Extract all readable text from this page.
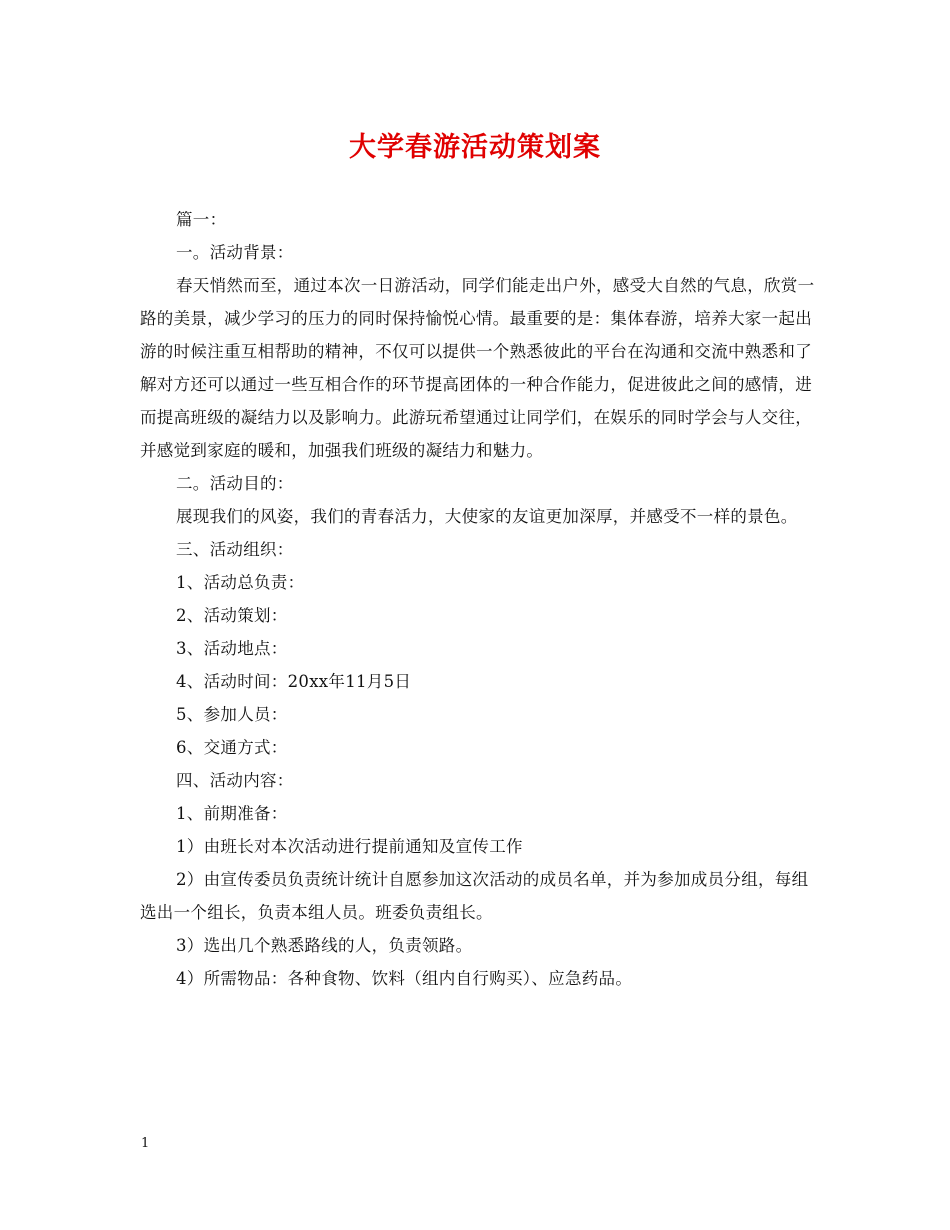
大学春游活动策划案

篇一：

一。活动背景：

春天悄然而至，通过本次一日游活动，同学们能走出户外，感受大自然的气息，欣赏一路的美景，减少学习的压力的同时保持愉悦心情。最重要的是：集体春游，培养大家一起出游的时候注重互相帮助的精神，不仅可以提供一个熟悉彼此的平台在沟通和交流中熟悉和了解对方还可以通过一些互相合作的环节提高团体的一种合作能力，促进彼此之间的感情，进而提高班级的凝结力以及影响力。此游玩希望通过让同学们，在娱乐的同时学会与人交往，并感觉到家庭的暖和，加强我们班级的凝结力和魅力。

二。活动目的：

展现我们的风姿，我们的青春活力，大使家的友谊更加深厚，并感受不一样的景色。

三、活动组织：

1、活动总负责：

2、活动策划：

3、活动地点：

4、活动时间：20xx年11月5日

5、参加人员：

6、交通方式：

四、活动内容：

1、前期准备：

1）由班长对本次活动进行提前通知及宣传工作

2）由宣传委员负责统计统计自愿参加这次活动的成员名单，并为参加成员分组，每组选出一个组长，负责本组人员。班委负责组长。

3）选出几个熟悉路线的人，负责领路。

4）所需物品：各种食物、饮料（组内自行购买）、应急药品。

1
